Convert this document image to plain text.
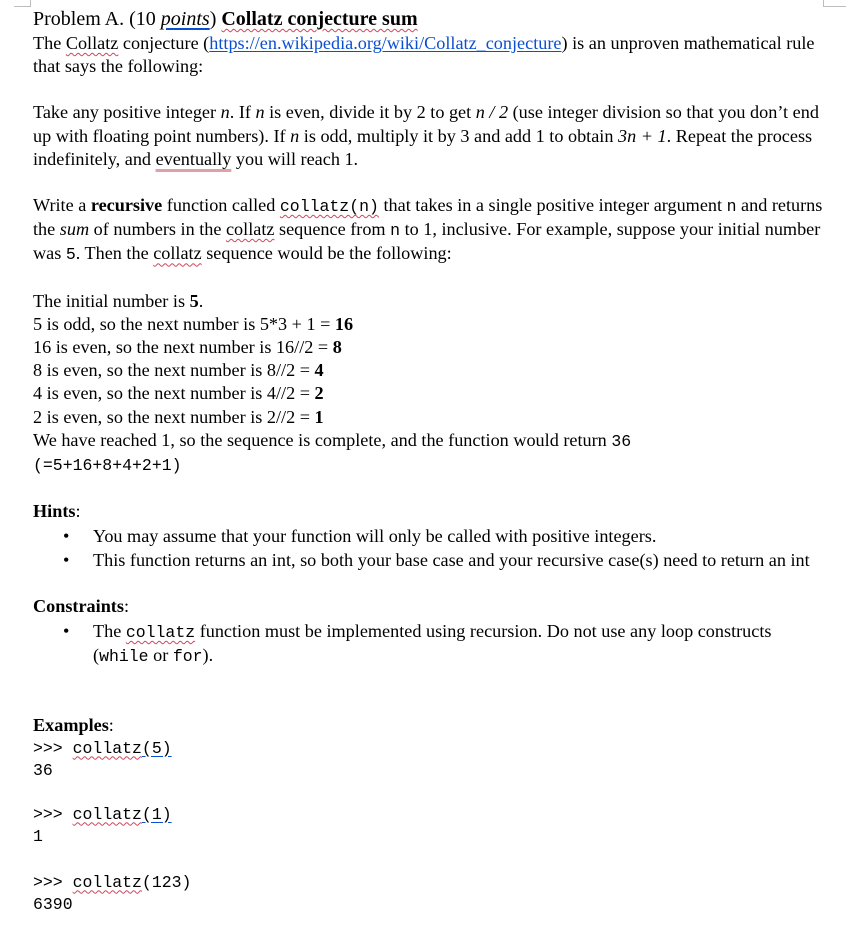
Problem A. (10 points) Collatz conjecture sum

The Collatz conjecture (https://en.wikipedia.org/wiki/Collatz_conjecture) is an unproven mathematical rule that says the following:

Take any positive integer n. If n is even, divide it by 2 to get n / 2 (use integer division so that you don’t end up with floating point numbers). If n is odd, multiply it by 3 and add 1 to obtain 3n + 1. Repeat the process indefinitely, and eventually you will reach 1.

Write a recursive function called collatz(n) that takes in a single positive integer argument n and returns the sum of numbers in the collatz sequence from n to 1, inclusive. For example, suppose your initial number was 5. Then the collatz sequence would be the following:

The initial number is 5.

5 is odd, so the next number is 5*3 + 1 = 16

16 is even, so the next number is 16//2 = 8

8 is even, so the next number is 8//2 = 4

4 is even, so the next number is 4//2 = 2

2 is even, so the next number is 2//2 = 1

We have reached 1, so the sequence is complete, and the function would return 36
(=5+16+8+4+2+1)

Hints:

• You may assume that your function will only be called with positive integers.
• This function returns an int, so both your base case and your recursive case(s) need to return an int

Constraints:

• The collatz function must be implemented using recursion. Do not use any loop constructs (while or for).

Examples:

>>> collatz(5)
36
>>> collatz(1)
1
>>> collatz(123)
6390
